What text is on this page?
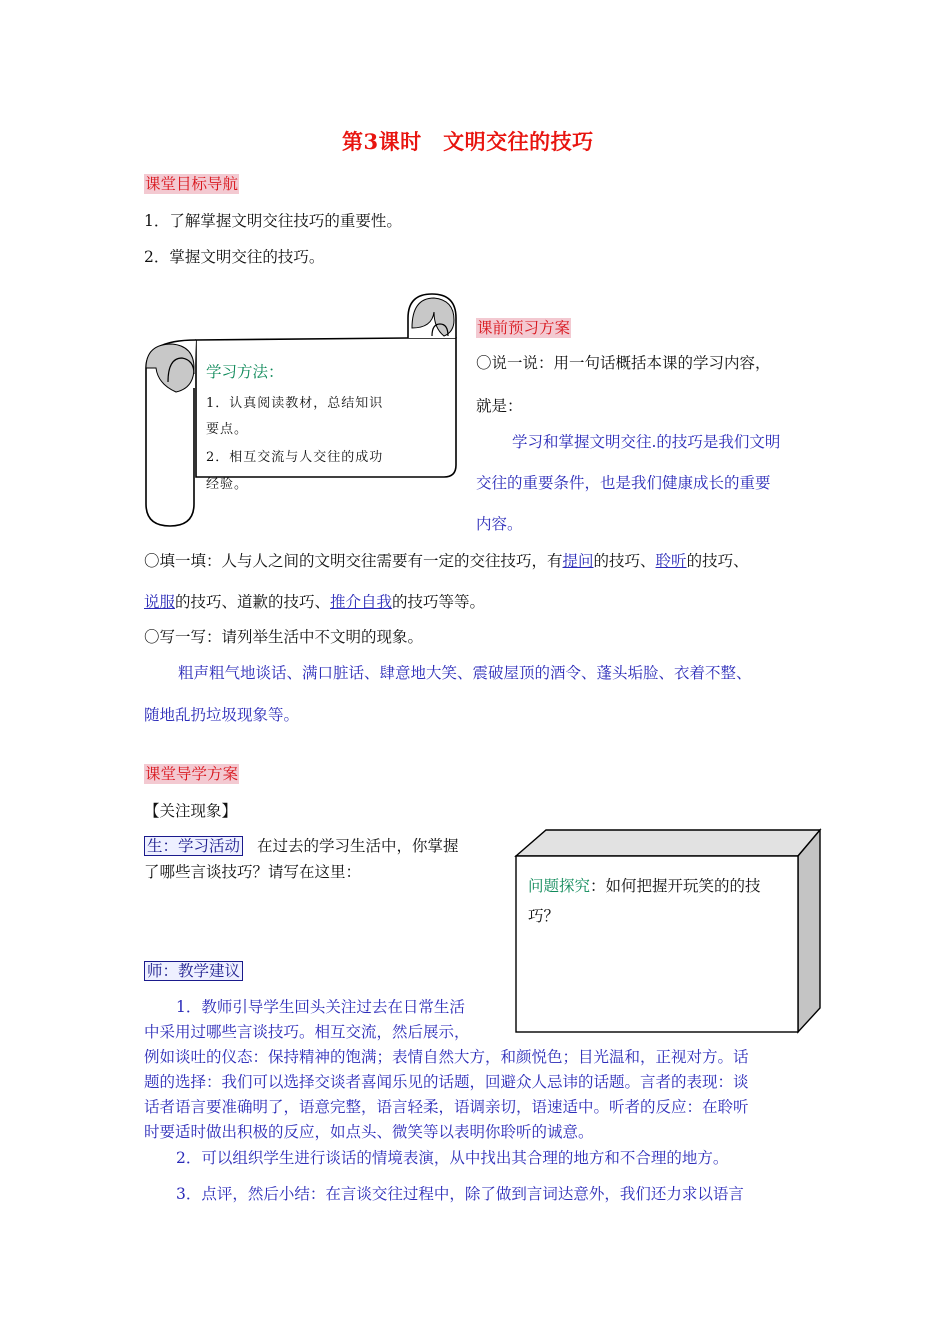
第3课时　文明交往的技巧
课堂目标导航
1．了解掌握文明交往技巧的重要性。
2．掌握文明交往的技巧。
学习方法：
1．认真阅读教材，总结知识
要点。
2．相互交流与人交往的成功
经验。
课前预习方案
〇说一说：用一句话概括本课的学习内容，
就是：
学习和掌握文明交往.的技巧是我们文明
交往的重要条件，也是我们健康成长的重要
内容。
〇填一填：人与人之间的文明交往需要有一定的交往技巧，有提问的技巧、聆听的技巧、
说服的技巧、道歉的技巧、推介自我的技巧等等。
〇写一写：请列举生活中不文明的现象。
粗声粗气地谈话、满口脏话、肆意地大笑、震破屋顶的酒令、蓬头垢脸、衣着不整、
随地乱扔垃圾现象等。
课堂导学方案
【关注现象】
生：学习活动 在过去的学习生活中，你掌握
了哪些言谈技巧？请写在这里：
问题探究：如何把握开玩笑的的技
巧？
师：教学建议
1．教师引导学生回头关注过去在日常生活
中采用过哪些言谈技巧。相互交流，然后展示，
例如谈吐的仪态：保持精神的饱满；表情自然大方，和颜悦色；目光温和，正视对方。话
题的选择：我们可以选择交谈者喜闻乐见的话题，回避众人忌讳的话题。言者的表现：谈
话者语言要准确明了，语意完整，语言轻柔，语调亲切，语速适中。听者的反应：在聆听
时要适时做出积极的反应，如点头、微笑等以表明你聆听的诚意。
2．可以组织学生进行谈话的情境表演，从中找出其合理的地方和不合理的地方。
3．点评，然后小结：在言谈交往过程中，除了做到言词达意外，我们还力求以语言
